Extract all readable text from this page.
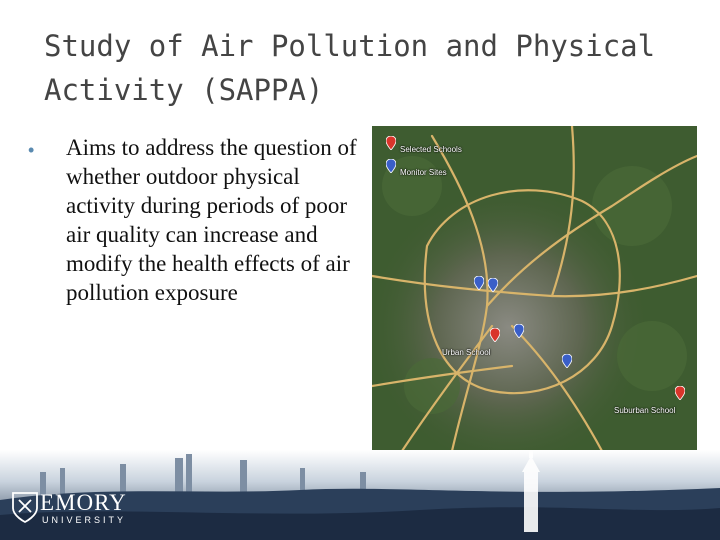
Study of Air Pollution and Physical Activity (SAPPA)
• Aims to address the question of whether outdoor physical activity during periods of poor air quality can increase and modify the health effects of air pollution exposure
Selected Schools
Monitor Sites
Urban School
Suburban School
EMORY
UNIVERSITY
